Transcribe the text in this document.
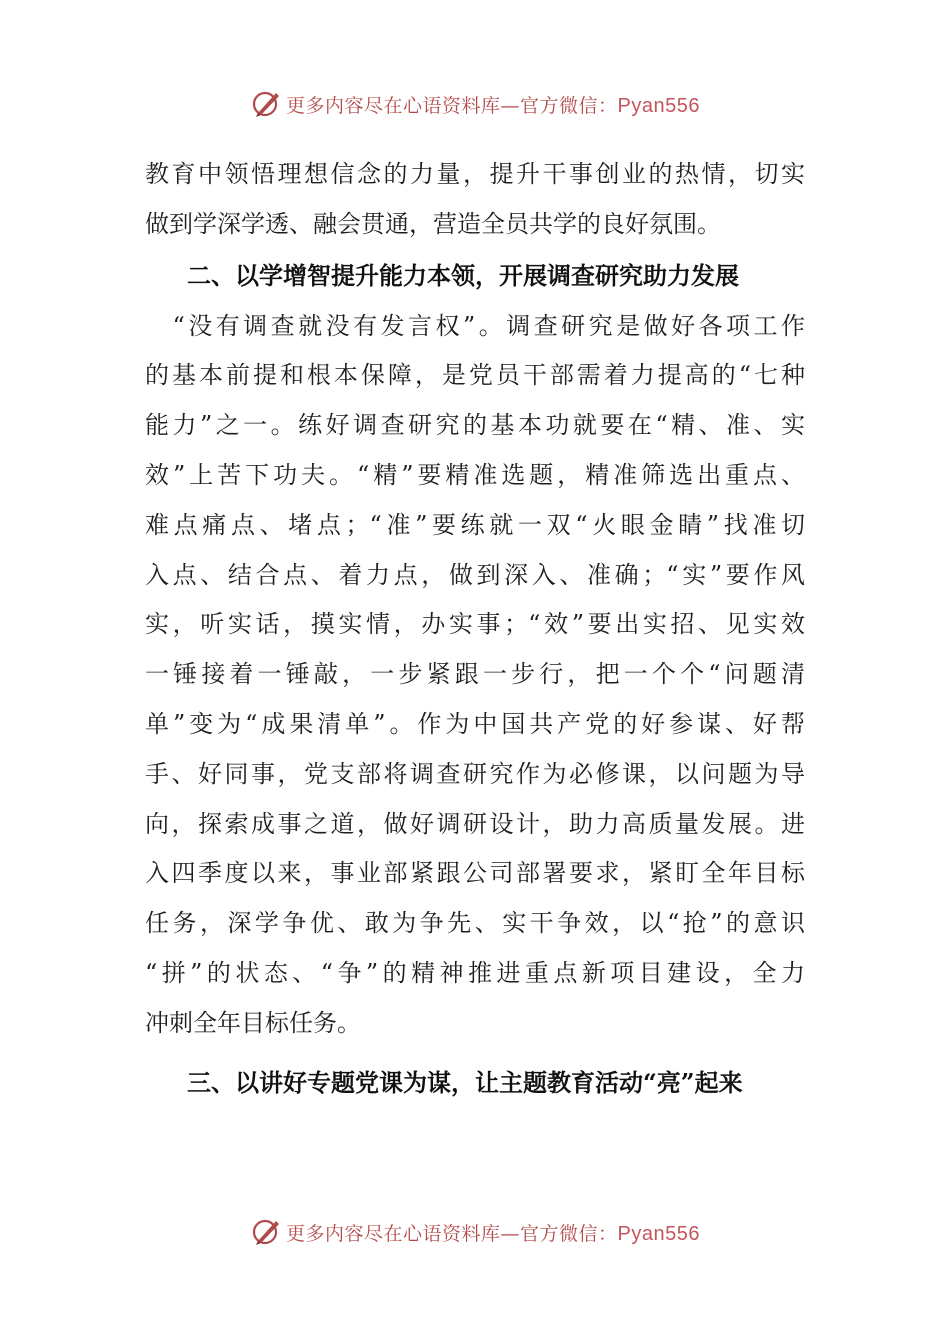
更多内容尽在心语资料库—官方微信：Pyan556
教育中领悟理想信念的力量，提升干事创业的热情，切实
做到学深学透、融会贯通，营造全员共学的良好氛围。
二、以学增智提升能力本领，开展调查研究助力发展
　“没有调查就没有发言权”。调查研究是做好各项工作
的基本前提和根本保障，是党员干部需着力提高的“七种
能力”之一。练好调查研究的基本功就要在“精、准、实
效”上苦下功夫。“精”要精准选题，精准筛选出重点、
难点痛点、堵点；“准”要练就一双“火眼金睛”找准切
入点、结合点、着力点，做到深入、准确；“实”要作风
实，听实话，摸实情，办实事；“效”要出实招、见实效
一锤接着一锤敲，一步紧跟一步行，把一个个“问题清
单”变为“成果清单”。作为中国共产党的好参谋、好帮
手、好同事，党支部将调查研究作为必修课，以问题为导
向，探索成事之道，做好调研设计，助力高质量发展。进
入四季度以来，事业部紧跟公司部署要求，紧盯全年目标
任务，深学争优、敢为争先、实干争效，以“抢”的意识
“拼”的状态、“争”的精神推进重点新项目建设，全力
冲刺全年目标任务。
三、以讲好专题党课为谋，让主题教育活动“亮”起来
更多内容尽在心语资料库—官方微信：Pyan556
